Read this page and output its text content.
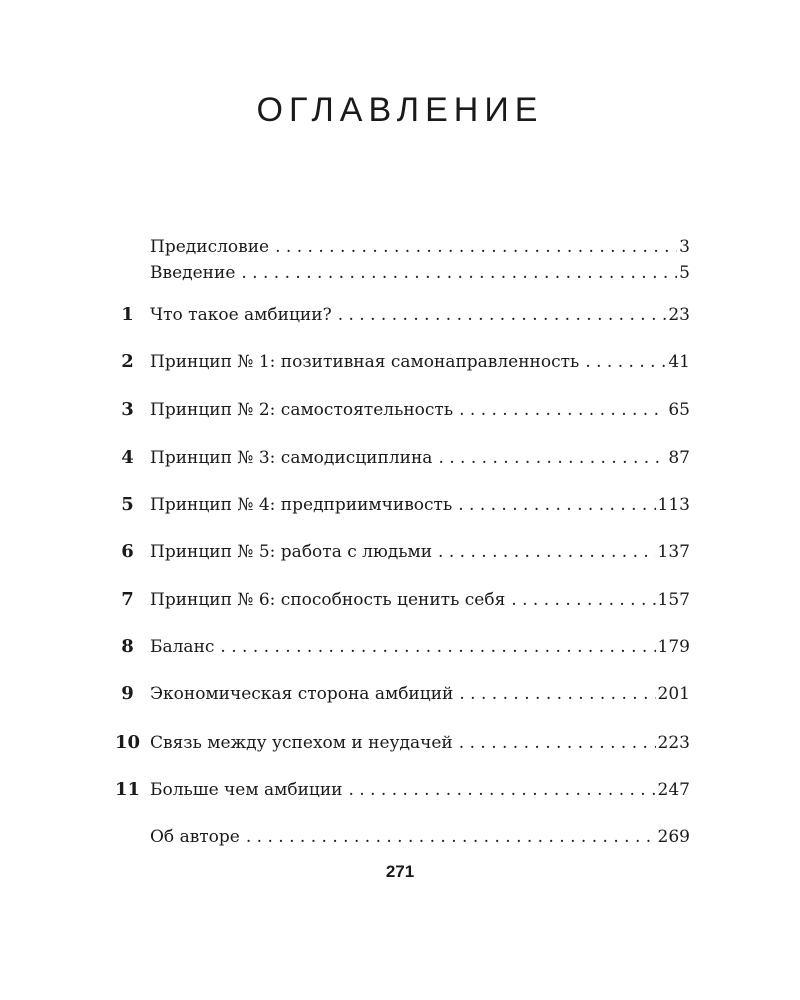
ОГЛАВЛЕНИЕ
Предисловие . . .	3
Введение . . .	5
1 Что такое амбиции? . . .	23
2 Принцип № 1: позитивная самонаправленность . . .	41
3 Принцип № 2: самостоятельность . . .	65
4 Принцип № 3: самодисциплина . . .	87
5 Принцип № 4: предприимчивость . . .	113
6 Принцип № 5: работа с людьми . . .	137
7 Принцип № 6: способность ценить себя . . .	157
8 Баланс . . .	179
9 Экономическая сторона амбиций . . .	201
10 Связь между успехом и неудачей . . .	223
11 Больше чем амбиции . . .	247
Об авторе . . .	269
271
